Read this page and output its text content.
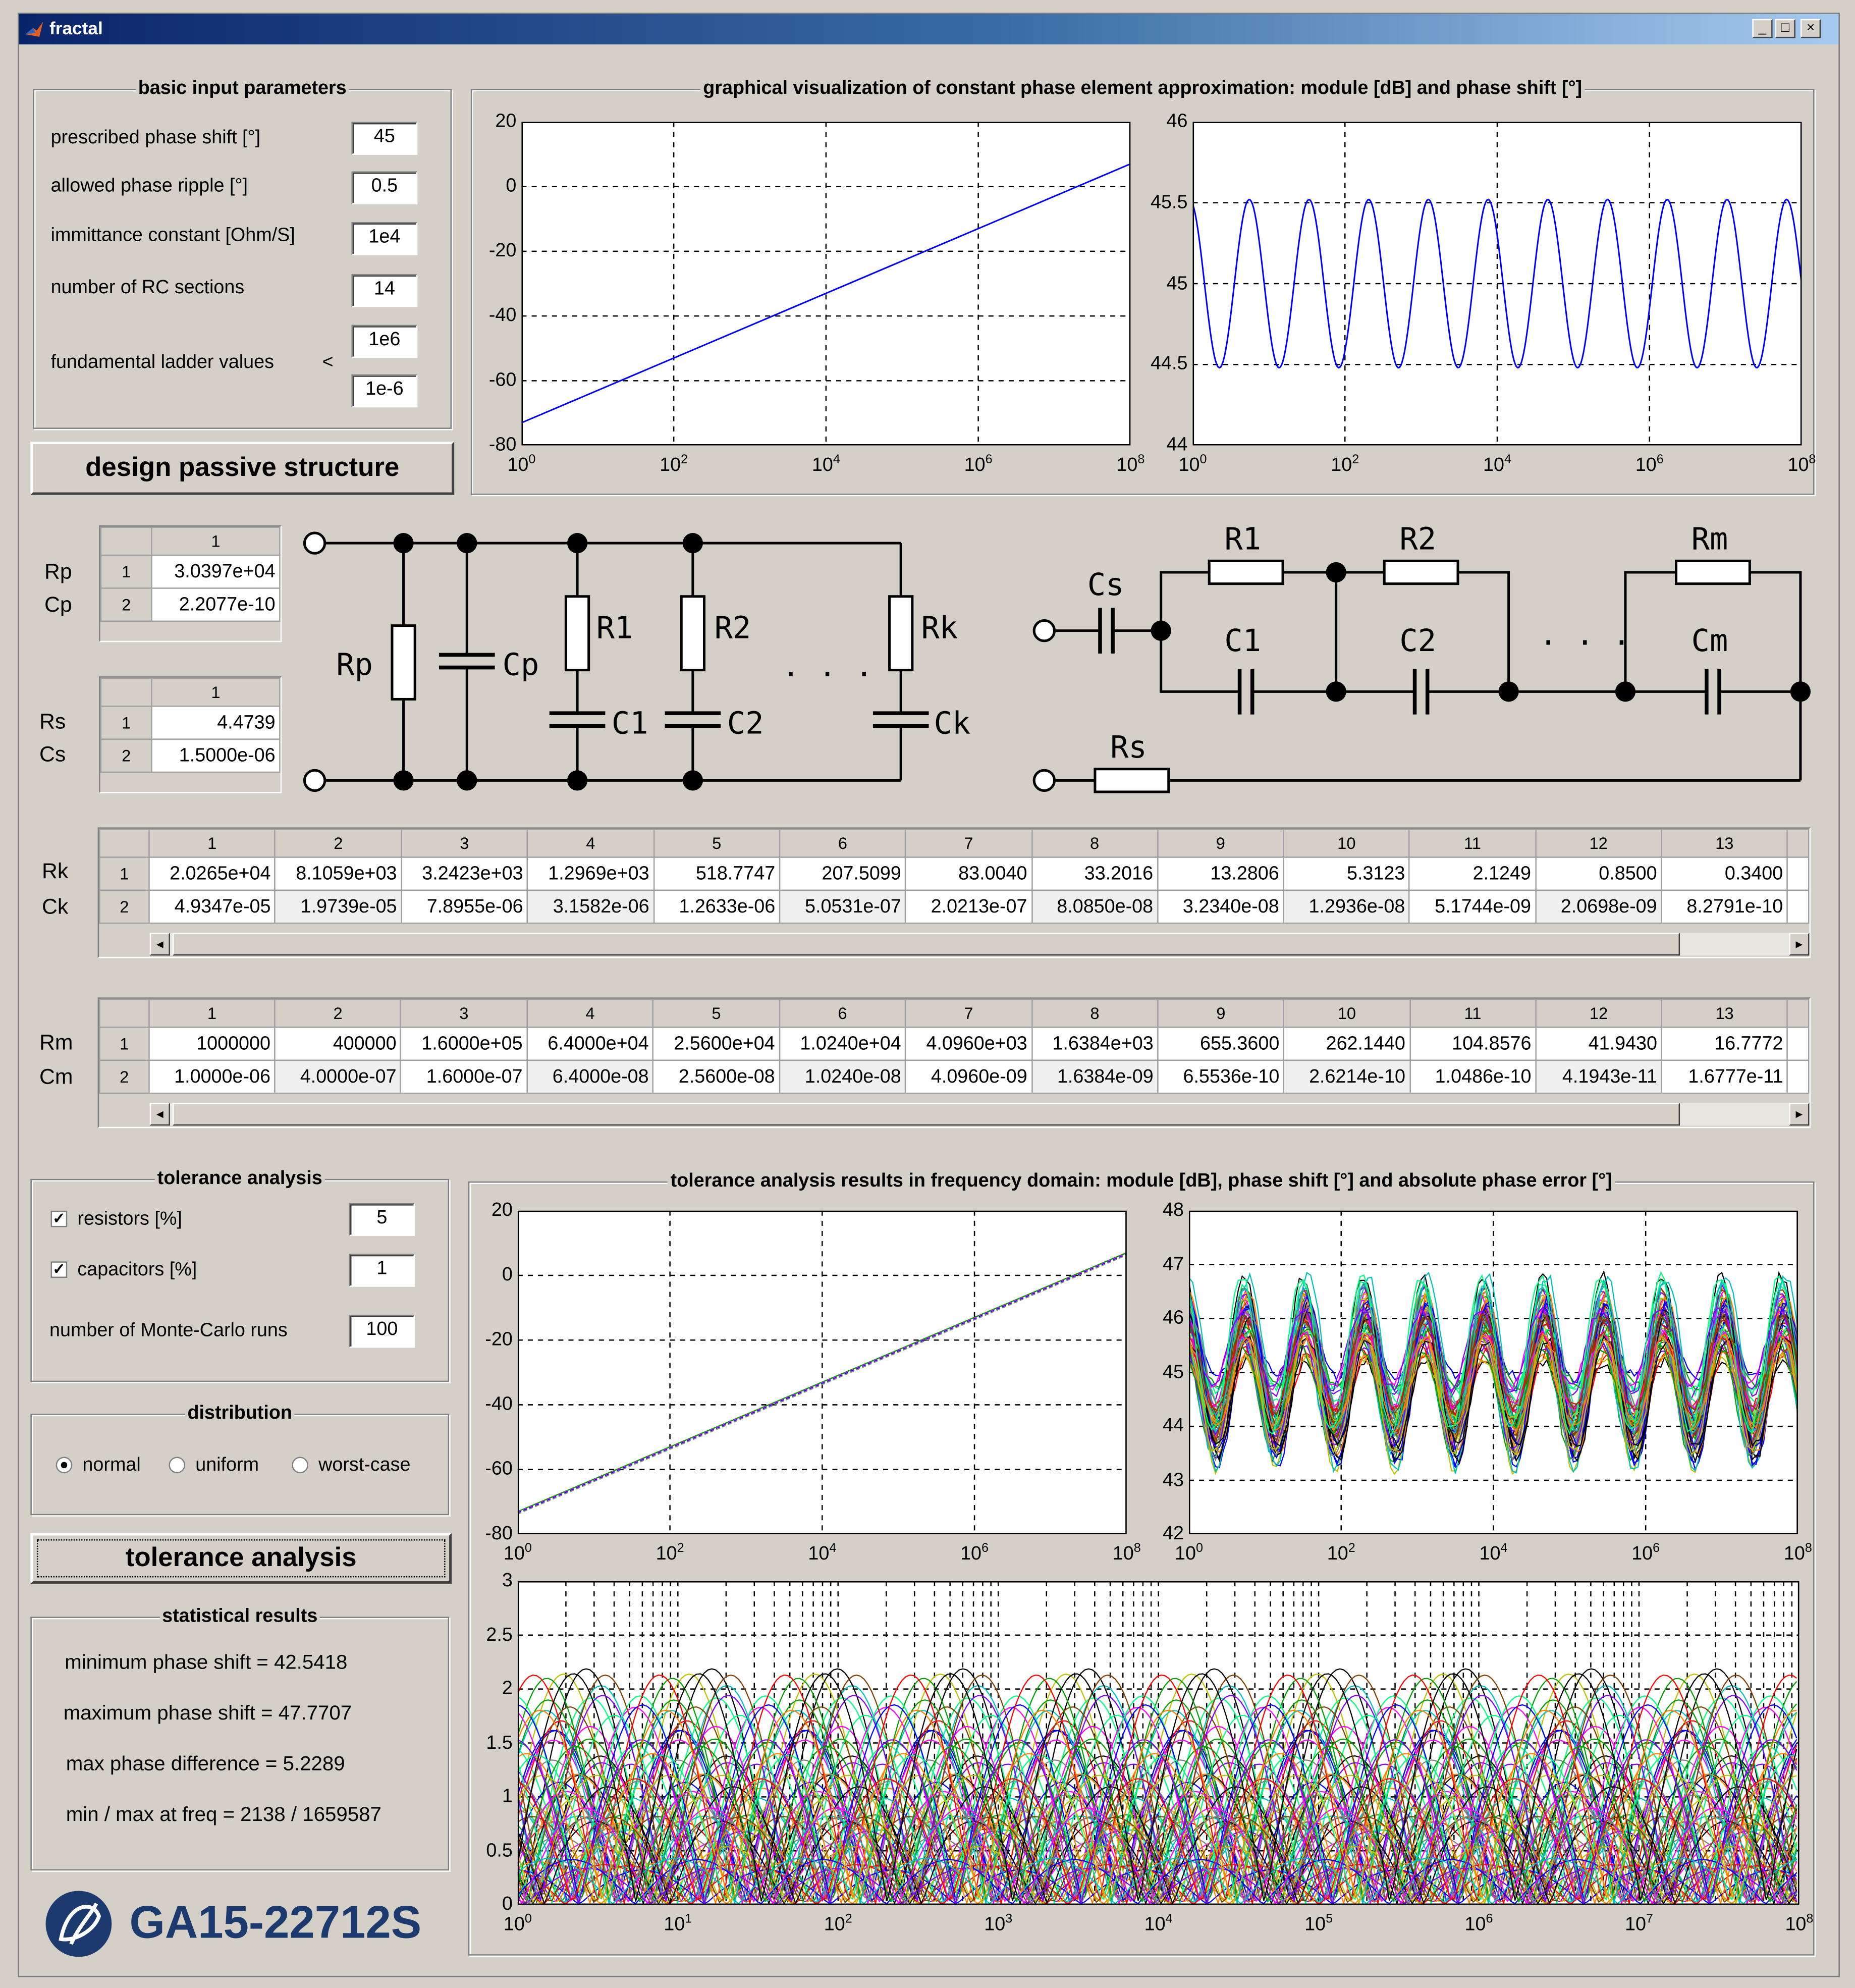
fractal	_	□	×
basic input parameters
prescribed phase shift [°]	45
allowed phase ripple [°]	0.5
immittance constant [Ohm/S]	1e4
number of RC sections	14
fundamental ladder values	<
1e6
1e-6
design passive structure
graphical visualization of constant phase element approximation: module [dB] and phase shift [°]
Rp
Cp
	1
1	3.0397e+04
2	2.2077e-10
Rs
Cs
	1
1	4.4739
2	1.5000e-06
Rp	Cp
R1	R2	Rk
C1	C2	Ck
. . .
Cs
R1	R2	Rm
C1	C2	Cm
Rs
. . .
Rk
Ck
	1	2	3	4	5	6	7	8	9	10	11	12	13	
1	2.0265e+04	8.1059e+03	3.2423e+03	1.2969e+03	518.7747	207.5099	83.0040	33.2016	13.2806	5.3123	2.1249	0.8500	0.3400	
2	4.9347e-05	1.9739e-05	7.8955e-06	3.1582e-06	1.2633e-06	5.0531e-07	2.0213e-07	8.0850e-08	3.2340e-08	1.2936e-08	5.1744e-09	2.0698e-09	8.2791e-10	
◄	►
Rm
Cm
	1	2	3	4	5	6	7	8	9	10	11	12	13	
1	1000000	400000	1.6000e+05	6.4000e+04	2.5600e+04	1.0240e+04	4.0960e+03	1.6384e+03	655.3600	262.1440	104.8576	41.9430	16.7772	
2	1.0000e-06	4.0000e-07	1.6000e-07	6.4000e-08	2.5600e-08	1.0240e-08	4.0960e-09	1.6384e-09	6.5536e-10	2.6214e-10	1.0486e-10	4.1943e-11	1.6777e-11	
◄	►
tolerance analysis
✓ resistors [%]	5
✓ capacitors [%]	1
number of Monte-Carlo runs	100
distribution
normal	uniform	worst-case
tolerance analysis
statistical results
minimum phase shift = 42.5418
maximum phase shift = 47.7707
max phase difference = 5.2289
min / max at freq = 2138 / 1659587
GA15-22712S
tolerance analysis results in frequency domain: module [dB], phase shift [°] and absolute phase error [°]
20
0
-20
-40
-60
-80
$10^0$	$10^2$	$10^4$	$10^6$	$10^8$
46
45.5
45
44.5
44
$10^0$	$10^2$	$10^4$	$10^6$	$10^8$
20
0
-20
-40
-60
-80
$10^0$	$10^2$	$10^4$	$10^6$	$10^8$
48
47
46
45
44
43
42
$10^0$	$10^2$	$10^4$	$10^6$	$10^8$
3
2.5
2
1.5
1
0.5
0
$10^0$	$10^1$	$10^2$	$10^3$	$10^4$	$10^5$	$10^6$	$10^7$	$10^8$
